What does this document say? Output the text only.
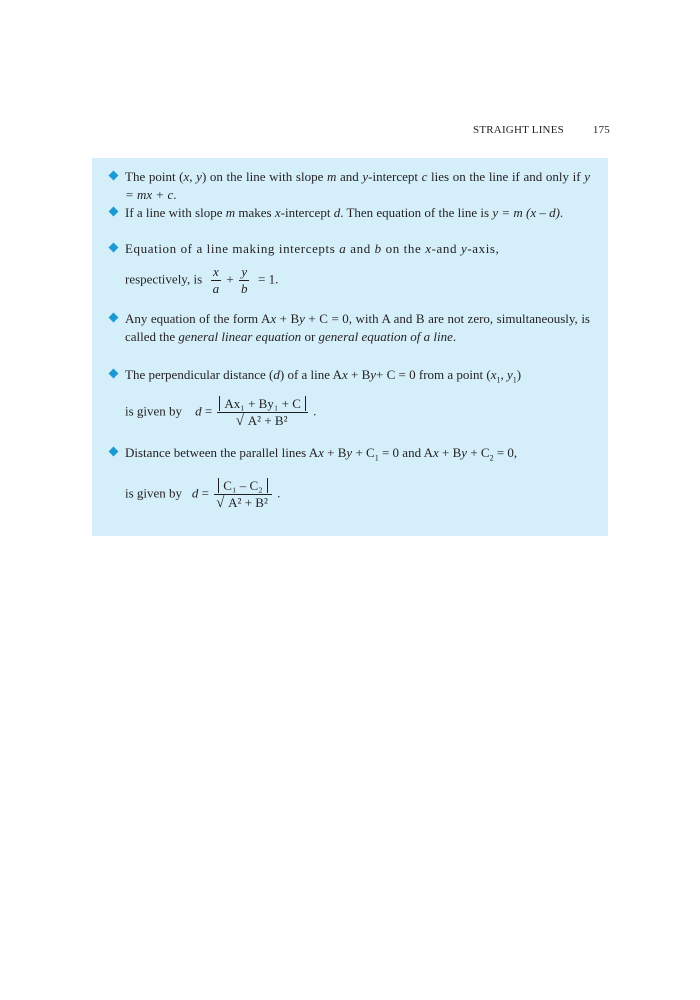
STRAIGHT LINES	175
The point (x, y) on the line with slope m and y-intercept c lies on the line if and only if y = mx + c.
If a line with slope m makes x-intercept d. Then equation of the line is y = m (x – d).
Equation of a line making intercepts a and b on the x-and y-axis,
respectively, is $\frac{x}{a} + \frac{y}{b} = 1$.
Any equation of the form Ax + By + C = 0, with A and B are not zero, simultaneously, is called the general linear equation or general equation of a line.
The perpendicular distance (d) of a line Ax + By+ C = 0 from a point ($x_1$, $y_1$)
is given by $d = \frac{\text{Ax₁ + By₁ + C}}{\text{√ A² + B²}}$ .
Distance between the parallel lines $Ax + By + C_1 = 0$ and $Ax + By + C_2 = 0$,
is given by $d = \frac{\text{C₁ – C₂}}{\text{√ A² + B²}}$ .
